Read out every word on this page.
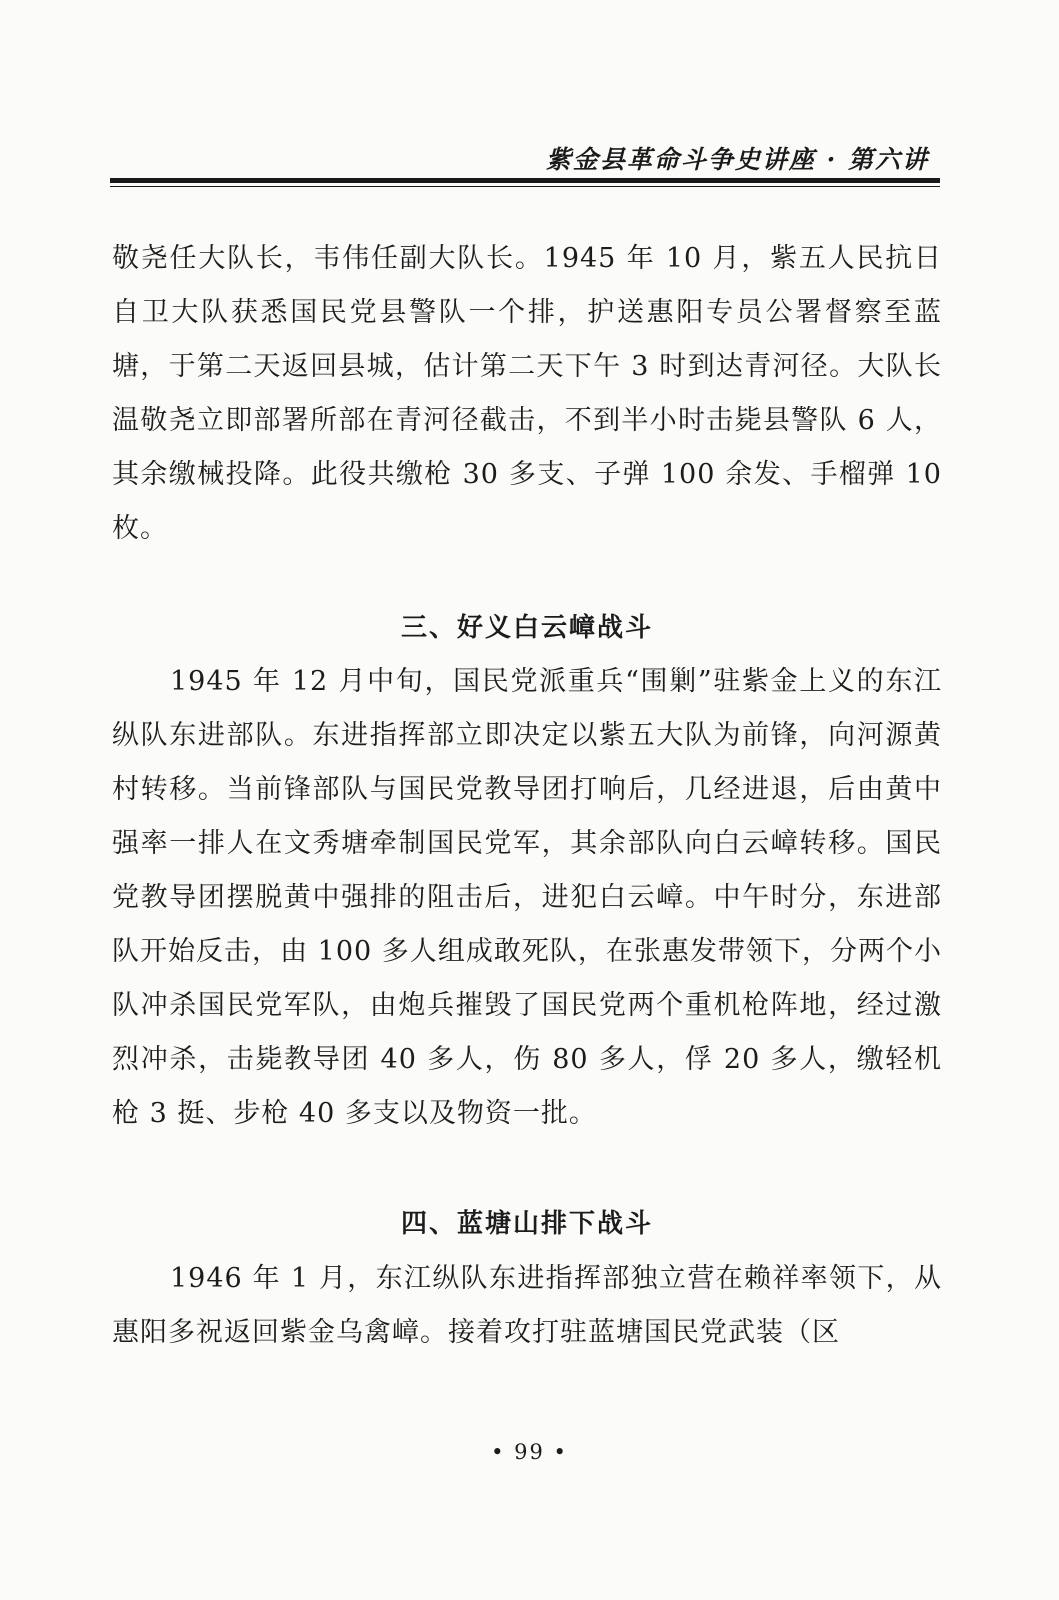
紫金县革命斗争史讲座 · 第六讲

敬尧任大队长，韦伟任副大队长。1945 年 10 月，紫五人民抗日自卫大队获悉国民党县警队一个排，护送惠阳专员公署督察至蓝塘，于第二天返回县城，估计第二天下午 3 时到达青河径。大队长温敬尧立即部署所部在青河径截击，不到半小时击毙县警队 6 人，其余缴械投降。此役共缴枪 30 多支、子弹 100 余发、手榴弹 10 枚。

三、好义白云嶂战斗

1945 年 12 月中旬，国民党派重兵“围剿”驻紫金上义的东江纵队东进部队。东进指挥部立即决定以紫五大队为前锋，向河源黄村转移。当前锋部队与国民党教导团打响后，几经进退，后由黄中强率一排人在文秀塘牵制国民党军，其余部队向白云嶂转移。国民党教导团摆脱黄中强排的阻击后，进犯白云嶂。中午时分，东进部队开始反击，由 100 多人组成敢死队，在张惠发带领下，分两个小队冲杀国民党军队，由炮兵摧毁了国民党两个重机枪阵地，经过激烈冲杀，击毙教导团 40 多人，伤 80 多人，俘 20 多人，缴轻机枪 3 挺、步枪 40 多支以及物资一批。

四、蓝塘山排下战斗

1946 年 1 月，东江纵队东进指挥部独立营在赖祥率领下，从惠阳多祝返回紫金乌禽嶂。接着攻打驻蓝塘国民党武装（区

• 99 •
